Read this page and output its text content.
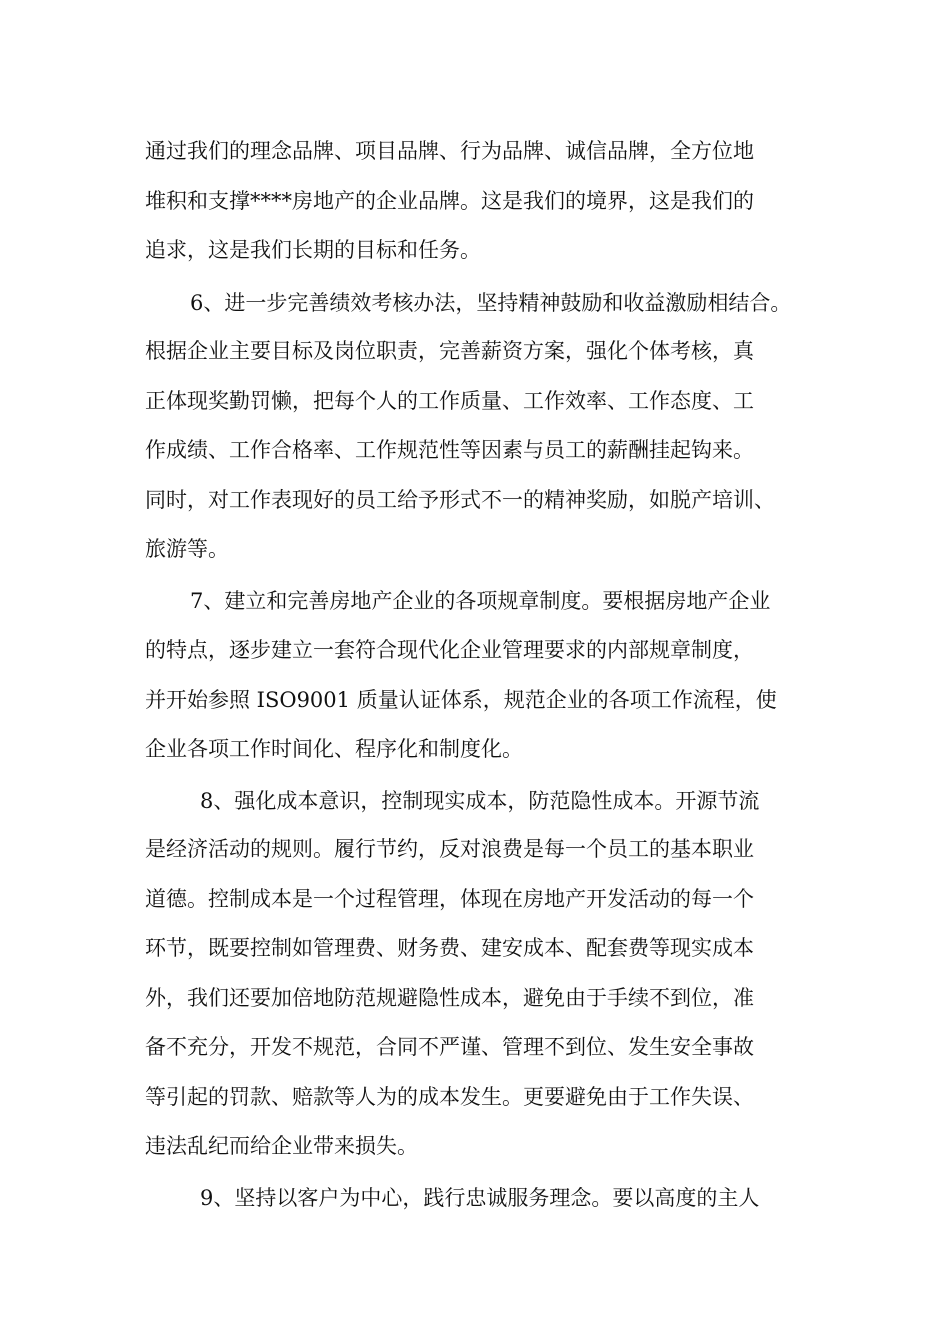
通过我们的理念品牌、项目品牌、行为品牌、诚信品牌，全方位地
堆积和支撑****房地产的企业品牌。这是我们的境界，这是我们的
追求，这是我们长期的目标和任务。
6、进一步完善绩效考核办法，坚持精神鼓励和收益激励相结合。
根据企业主要目标及岗位职责，完善薪资方案，强化个体考核，真
正体现奖勤罚懒，把每个人的工作质量、工作效率、工作态度、工
作成绩、工作合格率、工作规范性等因素与员工的薪酬挂起钩来。
同时，对工作表现好的员工给予形式不一的精神奖励，如脱产培训、
旅游等。
7、建立和完善房地产企业的各项规章制度。要根据房地产企业
的特点，逐步建立一套符合现代化企业管理要求的内部规章制度，
并开始参照 ISO9001 质量认证体系，规范企业的各项工作流程，使
企业各项工作时间化、程序化和制度化。
8、强化成本意识，控制现实成本，防范隐性成本。开源节流
是经济活动的规则。履行节约，反对浪费是每一个员工的基本职业
道德。控制成本是一个过程管理，体现在房地产开发活动的每一个
环节，既要控制如管理费、财务费、建安成本、配套费等现实成本
外，我们还要加倍地防范规避隐性成本，避免由于手续不到位，准
备不充分，开发不规范，合同不严谨、管理不到位、发生安全事故
等引起的罚款、赔款等人为的成本发生。更要避免由于工作失误、
违法乱纪而给企业带来损失。
9、坚持以客户为中心，践行忠诚服务理念。要以高度的主人
